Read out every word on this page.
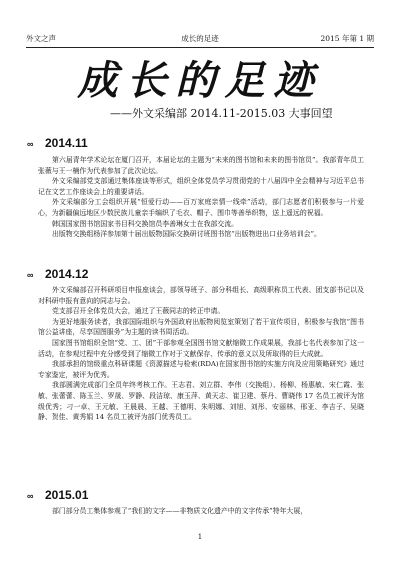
外文之声	成长的足迹	2015 年第 1 期
成长的足迹
——外文采编部 2014.11-2015.03 大事回望
∞ 2014.11

第六届青年学术论坛在厦门召开，本届论坛的主题为“未来的图书馆和未来的图书馆员”。我部青年员工张薇与王一楠作为代表参加了此次论坛。

外文采编部党支部通过集体座谈等形式，组织全体党员学习贯彻党的十八届四中全会精神与习近平总书记在文艺工作座谈会上的重要讲话。

外文采编部分工会组织开展“恒爱行动——百万家庭亲情一线牵”活动，部门志愿者们积极参与一片爱心，为新疆偏远地区少数民族儿童亲手编织了毛衣、帽子、围巾等善举织物，送上遥远的祝福。

韩国国家图书馆国家书目科交换馆员李善琳女士在我部交流。

出版物交换组杨洋参加第十届出版物国际交换研讨班图书馆“出版物进出口业务培训会”。

∞ 2014.12

外文采编部召开科研项目申报座谈会，部领导班子、部分科组长、高级职称员工代表、团支部书记以及对科研申报有意向的同志与会。

党支部召开全体党员大会，通过了王薇同志的转正申请。

为更好地服务读者，我部国际组织与外国政府出版物阅览室策划了若干宣传项目，积极参与我馆“图书馆公益讲座，尽享国图服务”为主题的读书周活动。

国家图书馆组织全馆“党、工、团”干部参观全国图书馆文献缩微工作成果展，我部七名代表参加了这一活动，在参观过程中充分感受到了缩微工作对于文献保存、传承的意义以及所取得的巨大成就。

我部承担的馆级重点科研课题《资源描述与检索(RDA)在国家图书馆的实施方向及应用策略研究》通过专家鉴定，被评为优秀。

我部圆满完成部门全员年终考核工作。王志君、刘立群、李伟（交换组）、杨柳、杨惠敏、宋仁霞、张敏、张蕾蕾、陈玉兰、罗晟、罗静、段洁琼、康玉萍、黄天志、崔卫建、蔡丹、曹晓伟 17 名员工被评为馆级优秀；刁一卓、王元敏、王晨晨、王越、王德明、朱明娜、刘旭、刘彤、安丽林、邢亚、李吉子、吴晓静、贺佳、黄秀娟 14 名员工被评为部门优秀员工。

∞ 2015.01

部门部分员工集体参观了“我们的文字——非物质文化遗产中的文字传承”特年大展，

1
